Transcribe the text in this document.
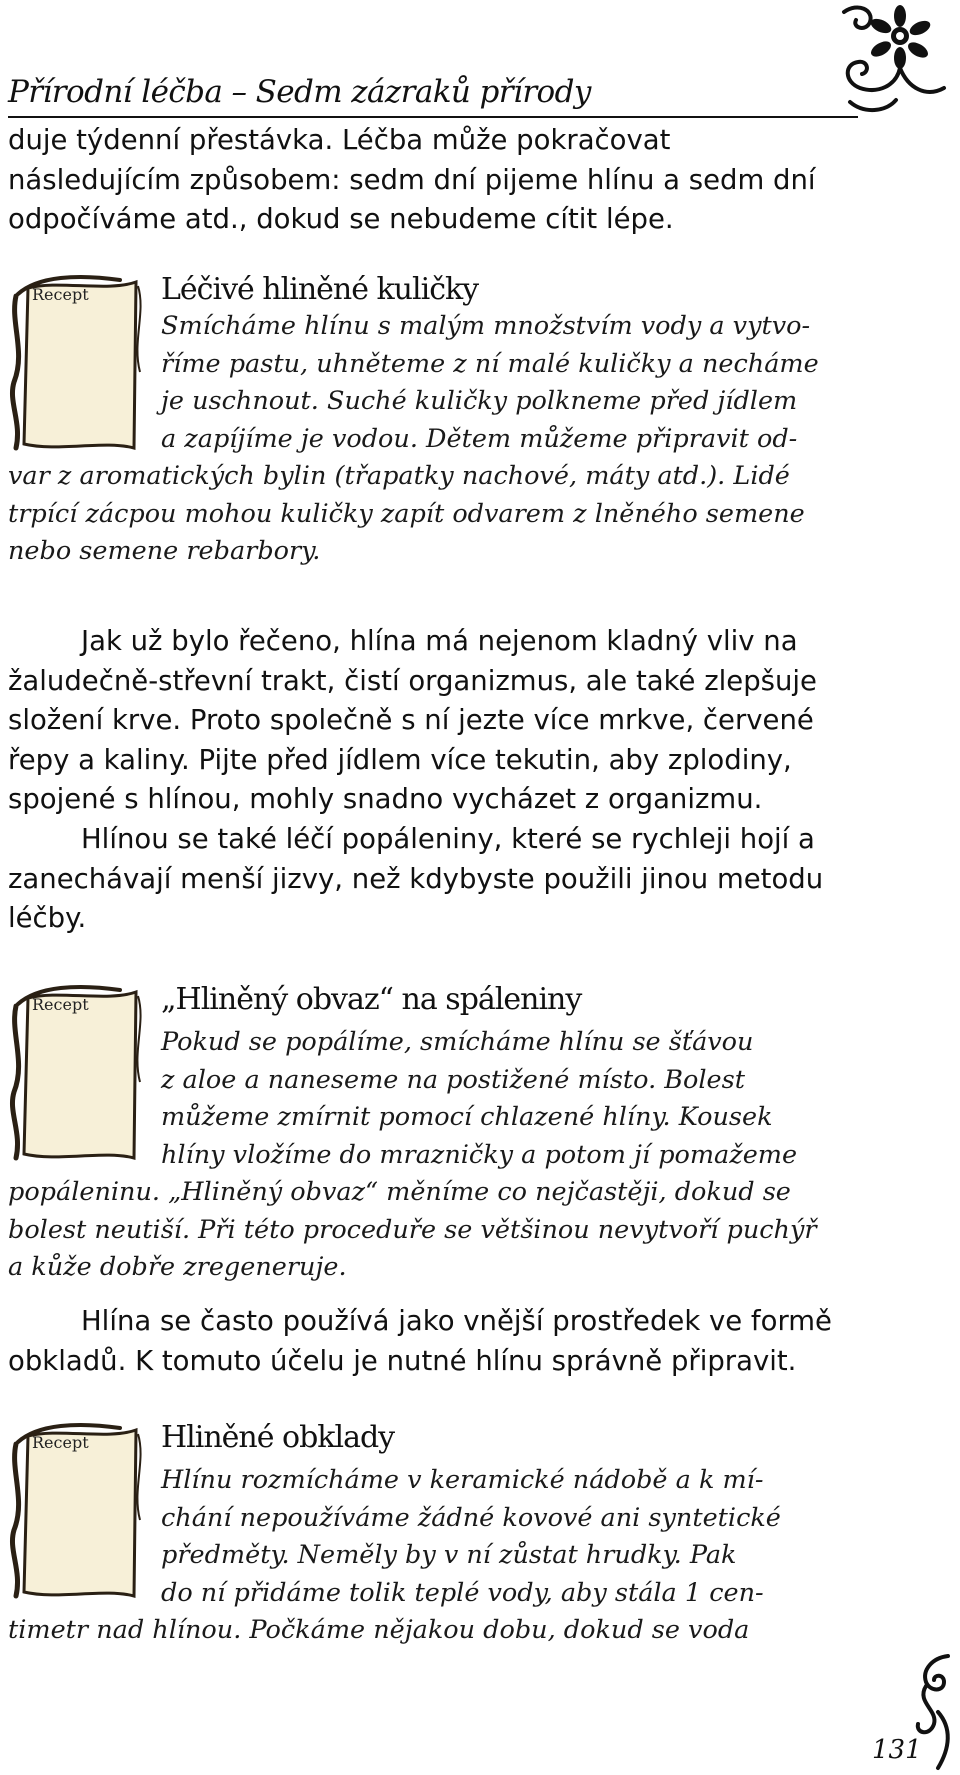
Přírodní léčba – Sedm zázraků přírody

duje týdenní přestávka. Léčba může pokračovat následujícím způsobem: sedm dní pijeme hlínu a sedm dní odpočíváme atd., dokud se nebudeme cítit lépe.

Recept Léčivé hliněné kuličky
Smícháme hlínu s malým množstvím vody a vytvo-
říme pastu, uhněteme z ní malé kuličky a necháme
je uschnout. Suché kuličky polkneme před jídlem
a zapíjíme je vodou. Dětem můžeme připravit od-
var z aromatických bylin (třapatky nachové, máty atd.). Lidé
trpící zácpou mohou kuličky zapít odvarem z lněného semene
nebo semene rebarbory.

Jak už bylo řečeno, hlína má nejenom kladný vliv na žaludečně-střevní trakt, čistí organizmus, ale také zlepšuje složení krve. Proto společně s ní jezte více mrkve, červené řepy a kaliny. Pijte před jídlem více tekutin, aby zplodiny, spojené s hlínou, mohly snadno vycházet z organizmu.

Hlínou se také léčí popáleniny, které se rychleji hojí a zanechávají menší jizvy, než kdybyste použili jinou metodu léčby.

Recept „Hliněný obvaz“ na spáleniny
Pokud se popálíme, smícháme hlínu se šťávou
z aloe a naneseme na postižené místo. Bolest
můžeme zmírnit pomocí chlazené hlíny. Kousek
hlíny vložíme do mrazničky a potom jí pomažeme
popáleninu. „Hliněný obvaz“ měníme co nejčastěji, dokud se
bolest neutiší. Při této proceduře se většinou nevytvoří puchýř
a kůže dobře zregeneruje.

Hlína se často používá jako vnější prostředek ve formě obkladů. K tomuto účelu je nutné hlínu správně připravit.

Recept Hliněné obklady
Hlínu rozmícháme v keramické nádobě a k mí-
chání nepoužíváme žádné kovové ani syntetické
předměty. Neměly by v ní zůstat hrudky. Pak
do ní přidáme tolik teplé vody, aby stála 1 cen-
timetr nad hlínou. Počkáme nějakou dobu, dokud se voda
131
